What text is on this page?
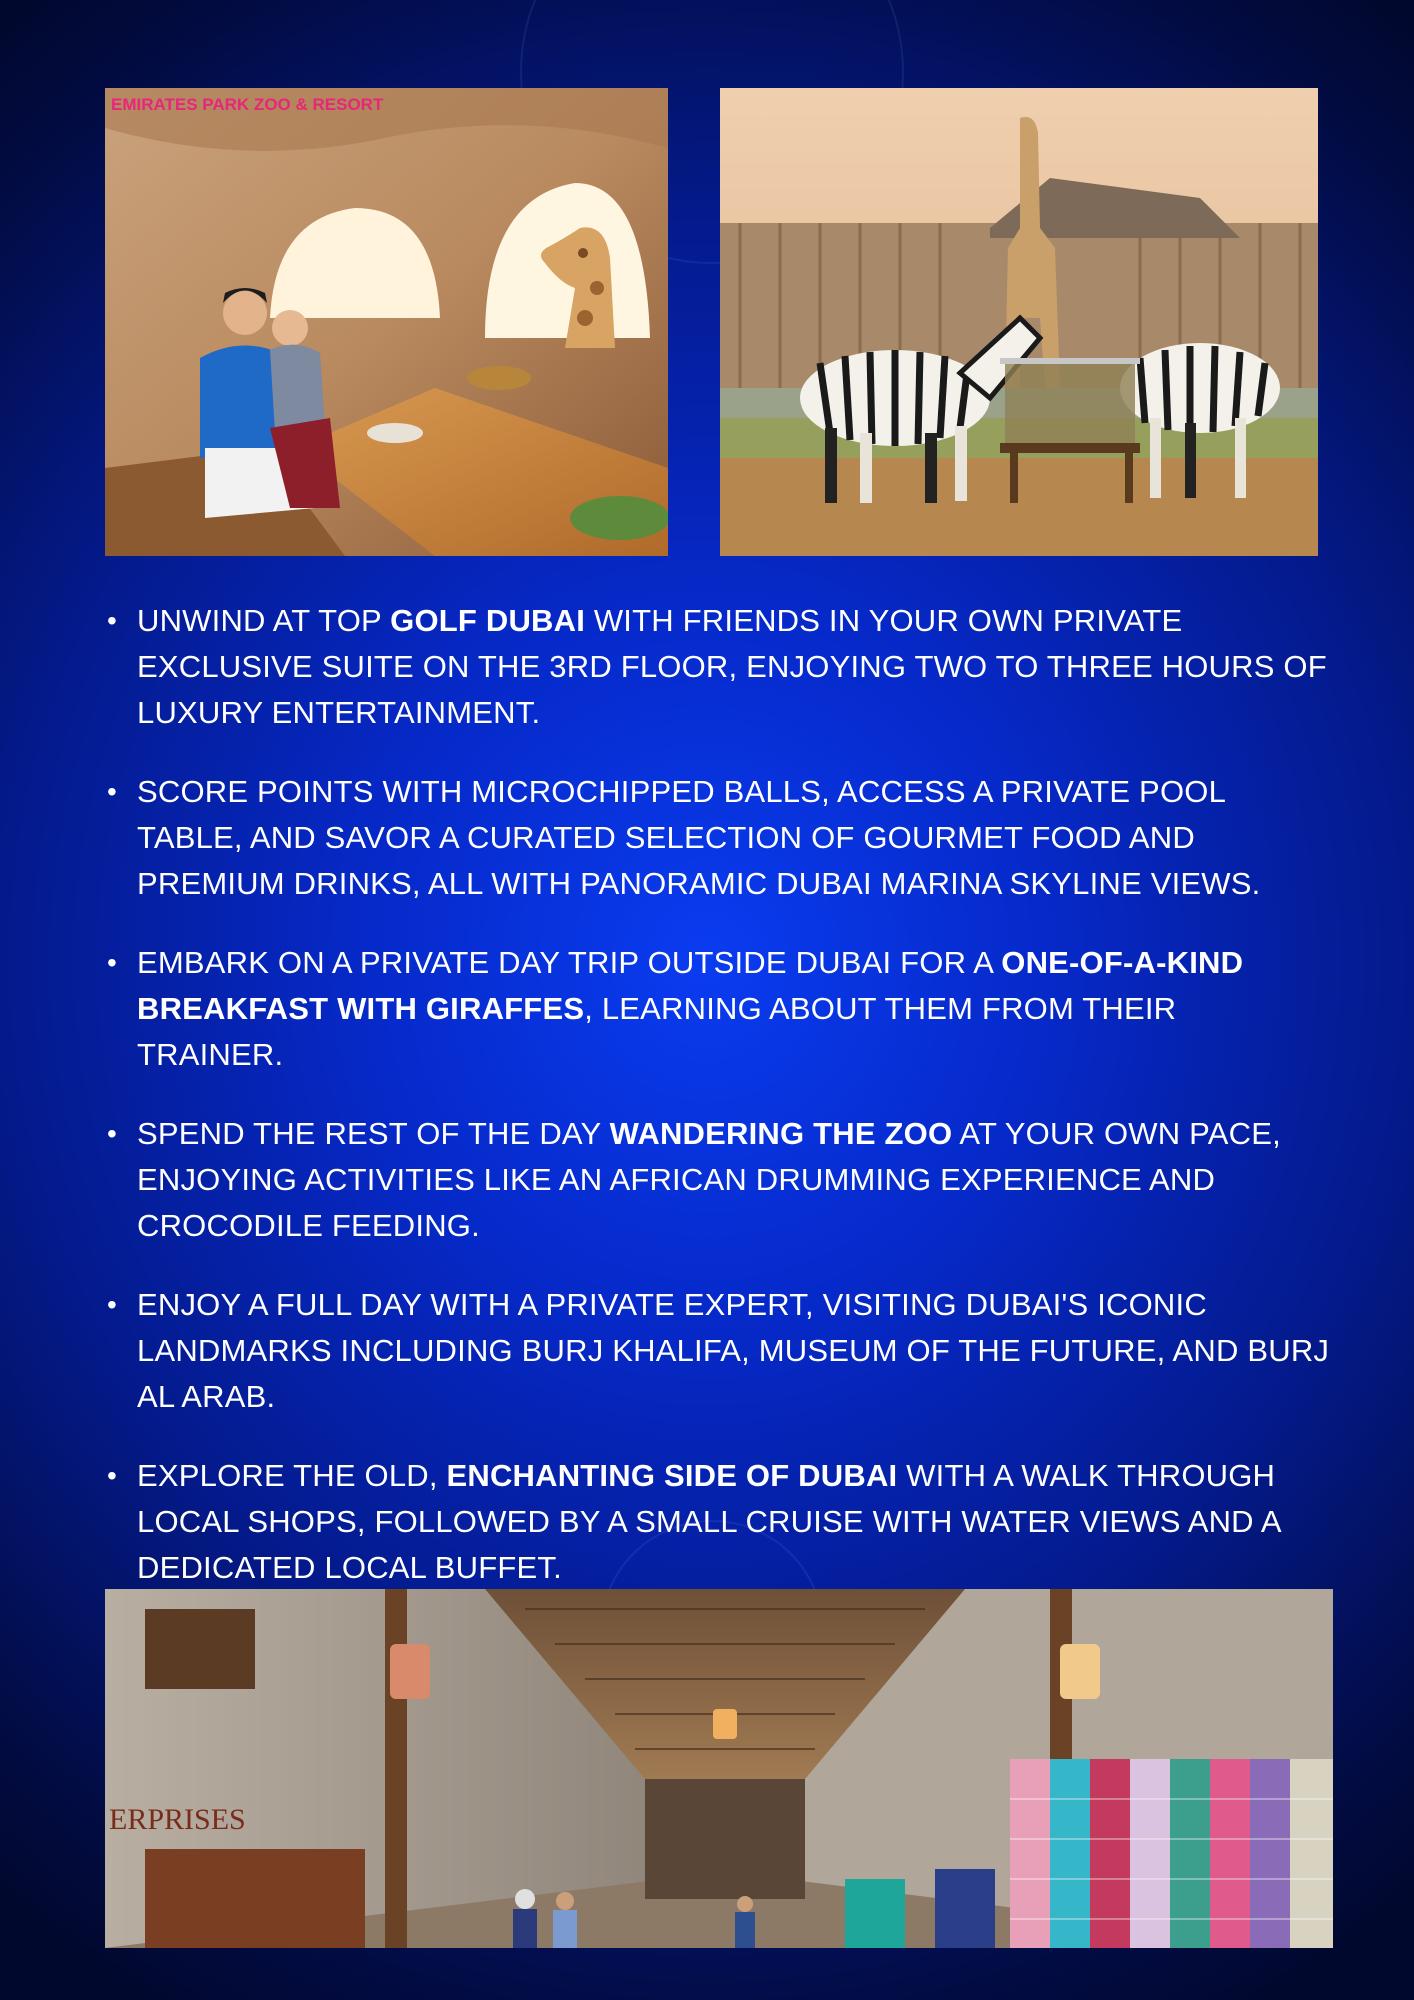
EMIRATES PARK ZOO & RESORT
• UNWIND AT TOP GOLF DUBAI WITH FRIENDS IN YOUR OWN PRIVATE EXCLUSIVE SUITE ON THE 3RD FLOOR, ENJOYING TWO TO THREE HOURS OF LUXURY ENTERTAINMENT.
• SCORE POINTS WITH MICROCHIPPED BALLS, ACCESS A PRIVATE POOL TABLE, AND SAVOR A CURATED SELECTION OF GOURMET FOOD AND PREMIUM DRINKS, ALL WITH PANORAMIC DUBAI MARINA SKYLINE VIEWS.
• EMBARK ON A PRIVATE DAY TRIP OUTSIDE DUBAI FOR A ONE-OF-A-KIND BREAKFAST WITH GIRAFFES, LEARNING ABOUT THEM FROM THEIR TRAINER.
• SPEND THE REST OF THE DAY WANDERING THE ZOO AT YOUR OWN PACE, ENJOYING ACTIVITIES LIKE AN AFRICAN DRUMMING EXPERIENCE AND CROCODILE FEEDING.
• ENJOY A FULL DAY WITH A PRIVATE EXPERT, VISITING DUBAI'S ICONIC LANDMARKS INCLUDING BURJ KHALIFA, MUSEUM OF THE FUTURE, AND BURJ AL ARAB.
• EXPLORE THE OLD, ENCHANTING SIDE OF DUBAI WITH A WALK THROUGH LOCAL SHOPS, FOLLOWED BY A SMALL CRUISE WITH WATER VIEWS AND A DEDICATED LOCAL BUFFET.
ERPRISES
